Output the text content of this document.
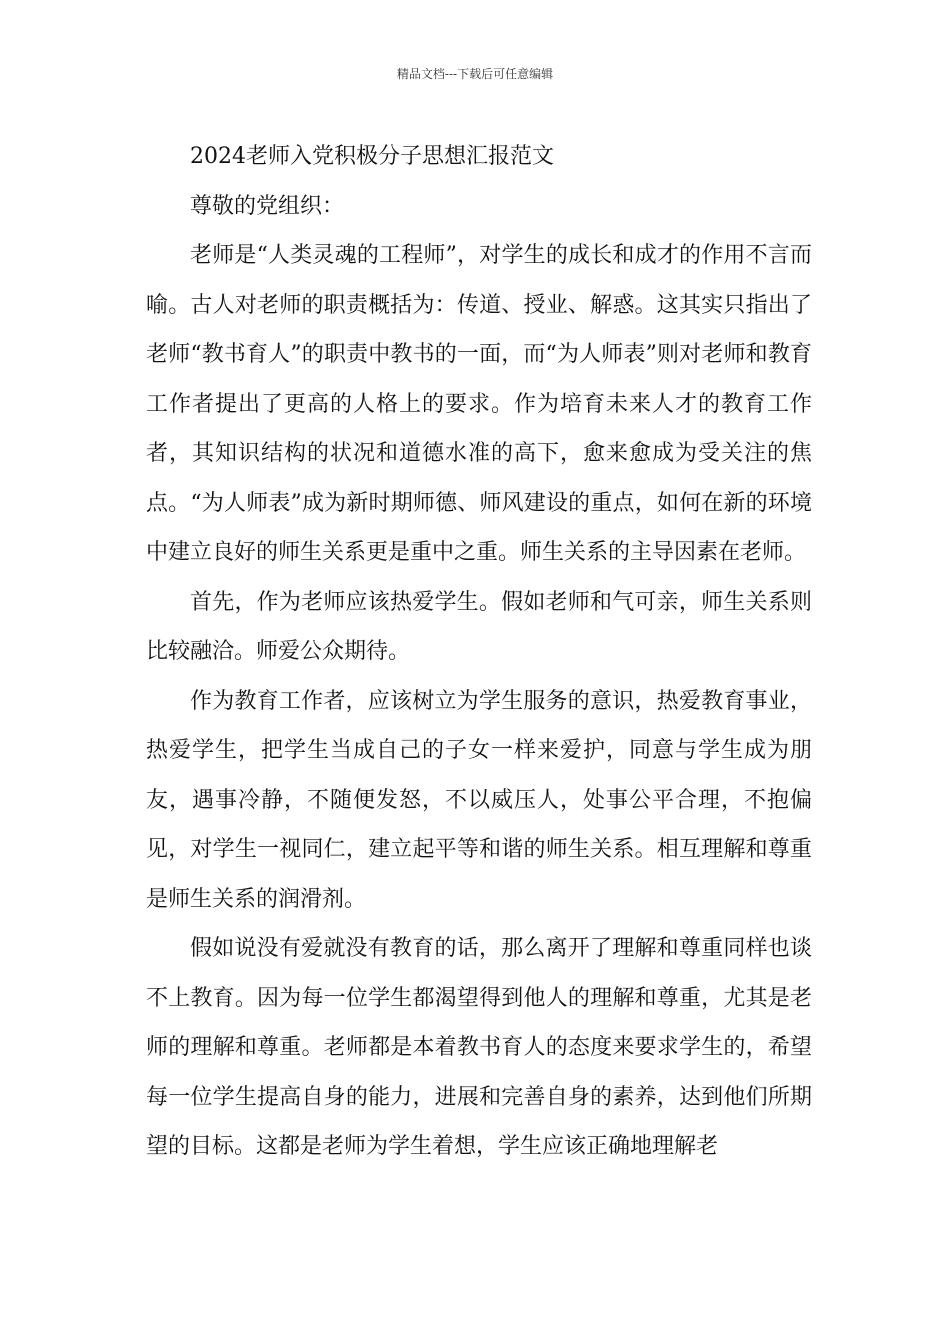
精品文档---下载后可任意编辑
2024老师入党积极分子思想汇报范文

尊敬的党组织：

老师是“人类灵魂的工程师”，对学生的成长和成才的作用不言而喻。古人对老师的职责概括为：传道、授业、解惑。这其实只指出了老师“教书育人”的职责中教书的一面，而“为人师表”则对老师和教育工作者提出了更高的人格上的要求。作为培育未来人才的教育工作者，其知识结构的状况和道德水准的高下，愈来愈成为受关注的焦点。“为人师表”成为新时期师德、师风建设的重点，如何在新的环境中建立良好的师生关系更是重中之重。师生关系的主导因素在老师。

首先，作为老师应该热爱学生。假如老师和气可亲，师生关系则比较融洽。师爱公众期待。

作为教育工作者，应该树立为学生服务的意识，热爱教育事业，热爱学生，把学生当成自己的子女一样来爱护，同意与学生成为朋友，遇事冷静，不随便发怒，不以威压人，处事公平合理，不抱偏见，对学生一视同仁，建立起平等和谐的师生关系。相互理解和尊重是师生关系的润滑剂。

假如说没有爱就没有教育的话，那么离开了理解和尊重同样也谈不上教育。因为每一位学生都渴望得到他人的理解和尊重，尤其是老师的理解和尊重。老师都是本着教书育人的态度来要求学生的，希望每一位学生提高自身的能力，进展和完善自身的素养，达到他们所期望的目标。这都是老师为学生着想，学生应该正确地理解老
